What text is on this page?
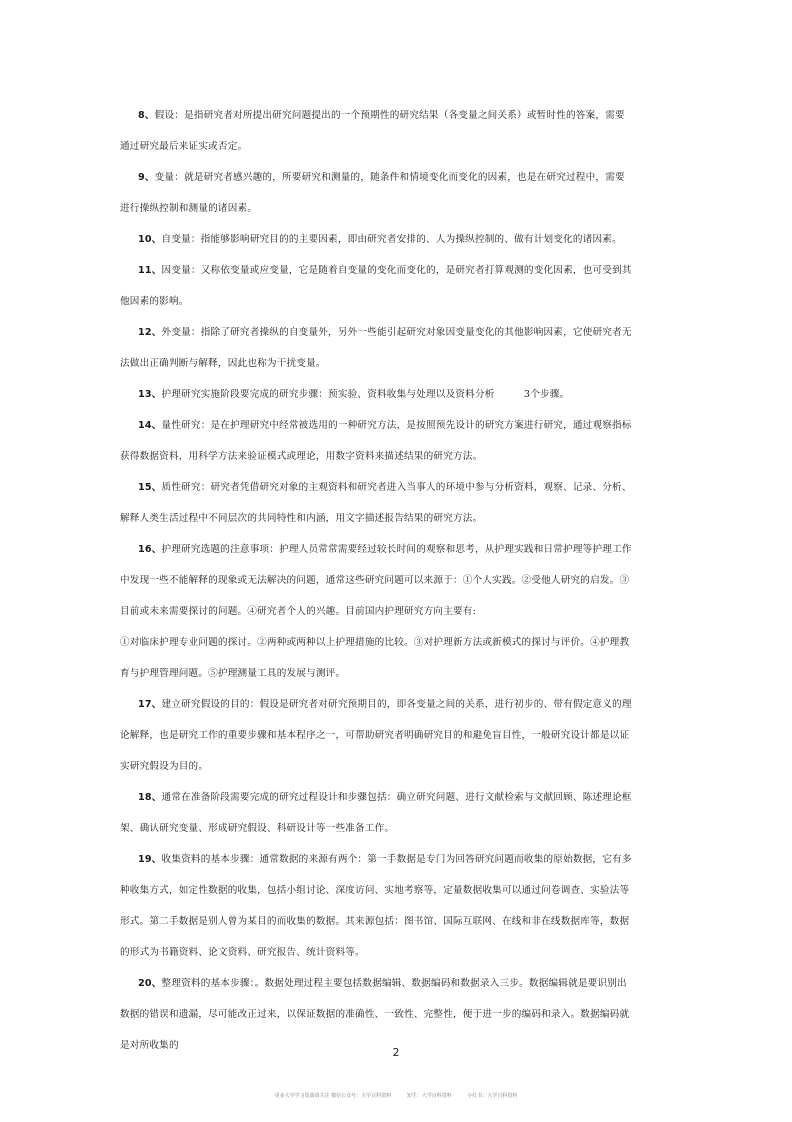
8、假设：是指研究者对所提出研究问题提出的一个预期性的研究结果（各变量之间关系）或暂时性的答案，需要通过研究最后来证实或否定。

9、变量：就是研究者感兴趣的，所要研究和测量的，随条件和情境变化而变化的因素，也是在研究过程中，需要进行操纵控制和测量的诸因素。

10、自变量：指能够影响研究目的的主要因素，即由研究者安排的、人为操纵控制的、做有计划变化的诸因素。

11、因变量：又称依变量或应变量，它是随着自变量的变化而变化的，是研究者打算观测的变化因素，也可受到其他因素的影响。

12、外变量：指除了研究者操纵的自变量外，另外一些能引起研究对象因变量变化的其他影响因素，它使研究者无法做出正确判断与解释，因此也称为干扰变量。

13、护理研究实施阶段要完成的研究步骤：预实验、资料收集与处理以及资料分析　　　3个步骤。

14、量性研究：是在护理研究中经常被选用的一种研究方法，是按照预先设计的研究方案进行研究，通过观察指标获得数据资料，用科学方法来验证模式或理论，用数字资料来描述结果的研究方法。

15、质性研究：研究者凭借研究对象的主观资料和研究者进入当事人的环境中参与分析资料，观察、记录、分析、解释人类生活过程中不同层次的共同特性和内涵，用文字描述报告结果的研究方法。

16、护理研究选题的注意事项：护理人员常常需要经过较长时间的观察和思考，从护理实践和日常护理等护理工作中发现一些不能解释的现象或无法解决的问题，通常这些研究问题可以来源于：①个人实践。②受他人研究的启发。③目前或未来需要探讨的问题。④研究者个人的兴趣。目前国内护理研究方向主要有:

①对临床护理专业问题的探讨。②两种或两种以上护理措施的比较。③对护理新方法或新模式的探讨与评价。④护理教育与护理管理问题。⑤护理测量工具的发展与测评。

17、建立研究假设的目的：假设是研究者对研究预期目的，即各变量之间的关系，进行初步的、带有假定意义的理论解释，也是研究工作的重要步骤和基本程序之一，可帮助研究者明确研究目的和避免盲目性，一般研究设计都是以证实研究假设为目的。

18、通常在准备阶段需要完成的研究过程设计和步骤包括：确立研究问题、进行文献检索与文献回顾、陈述理论框架、确认研究变量、形成研究假设、科研设计等一些准备工作。

19、收集资料的基本步骤：通常数据的来源有两个：第一手数据是专门为回答研究问题而收集的原始数据，它有多种收集方式，如定性数据的收集，包括小组讨论、深度访问、实地考察等，定量数据收集可以通过问卷调查、实验法等形式。第二手数据是别人曾为某目的而收集的数据。其来源包括：图书馆、国际互联网、在线和非在线数据库等，数据的形式为书籍资料、论文资料、研究报告、统计资料等。

20、整理资料的基本步骤：。数据处理过程主要包括数据编辑、数据编码和数据录入三步。数据编辑就是要识别出数据的错误和遗漏，尽可能改正过来，以保证数据的准确性、一致性、完整性，便于进一步的编码和录入。数据编码就是对所收集的

2
更多大学学习资源请关注 微信公众号：大学百科资料	知乎：大学百科资料	小红书：大学百科资料
